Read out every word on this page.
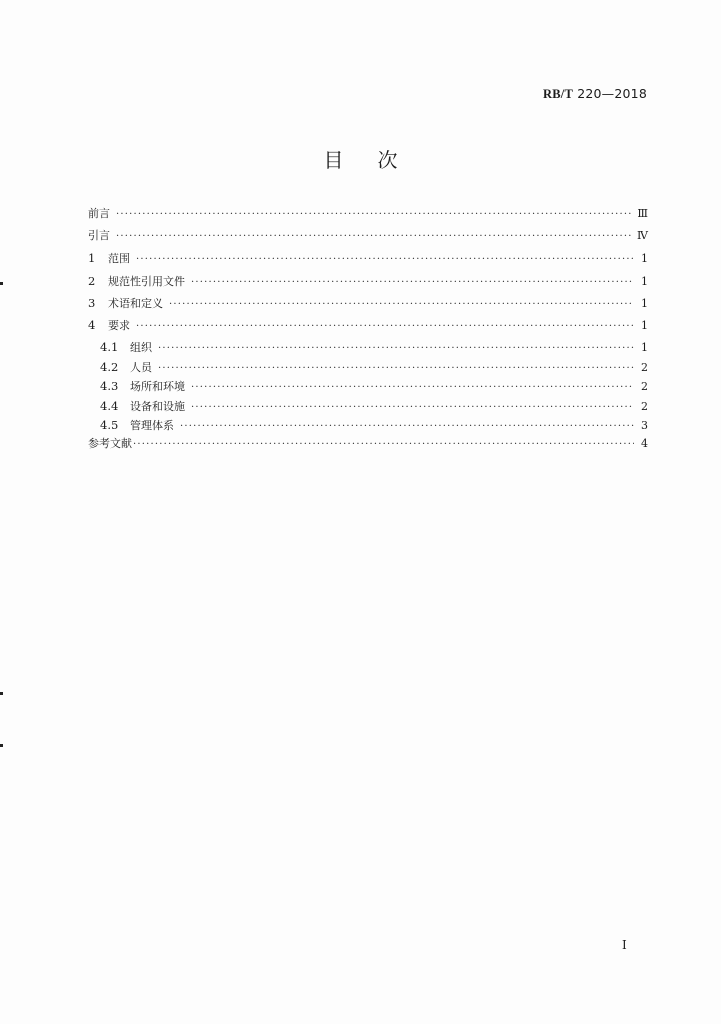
RB/T 220—2018
目次
前言 ·····	Ⅲ
引言 ·····	Ⅳ
1	范围 ·····	1
2	规范性引用文件 ·····	1
3	术语和定义 ·····	1
4	要求 ·····	1
4.1	组织 ·····	1
4.2	人员 ·····	2
4.3	场所和环境 ·····	2
4.4	设备和设施 ·····	2
4.5	管理体系 ·····	3
参考文献 ·····	4
I
